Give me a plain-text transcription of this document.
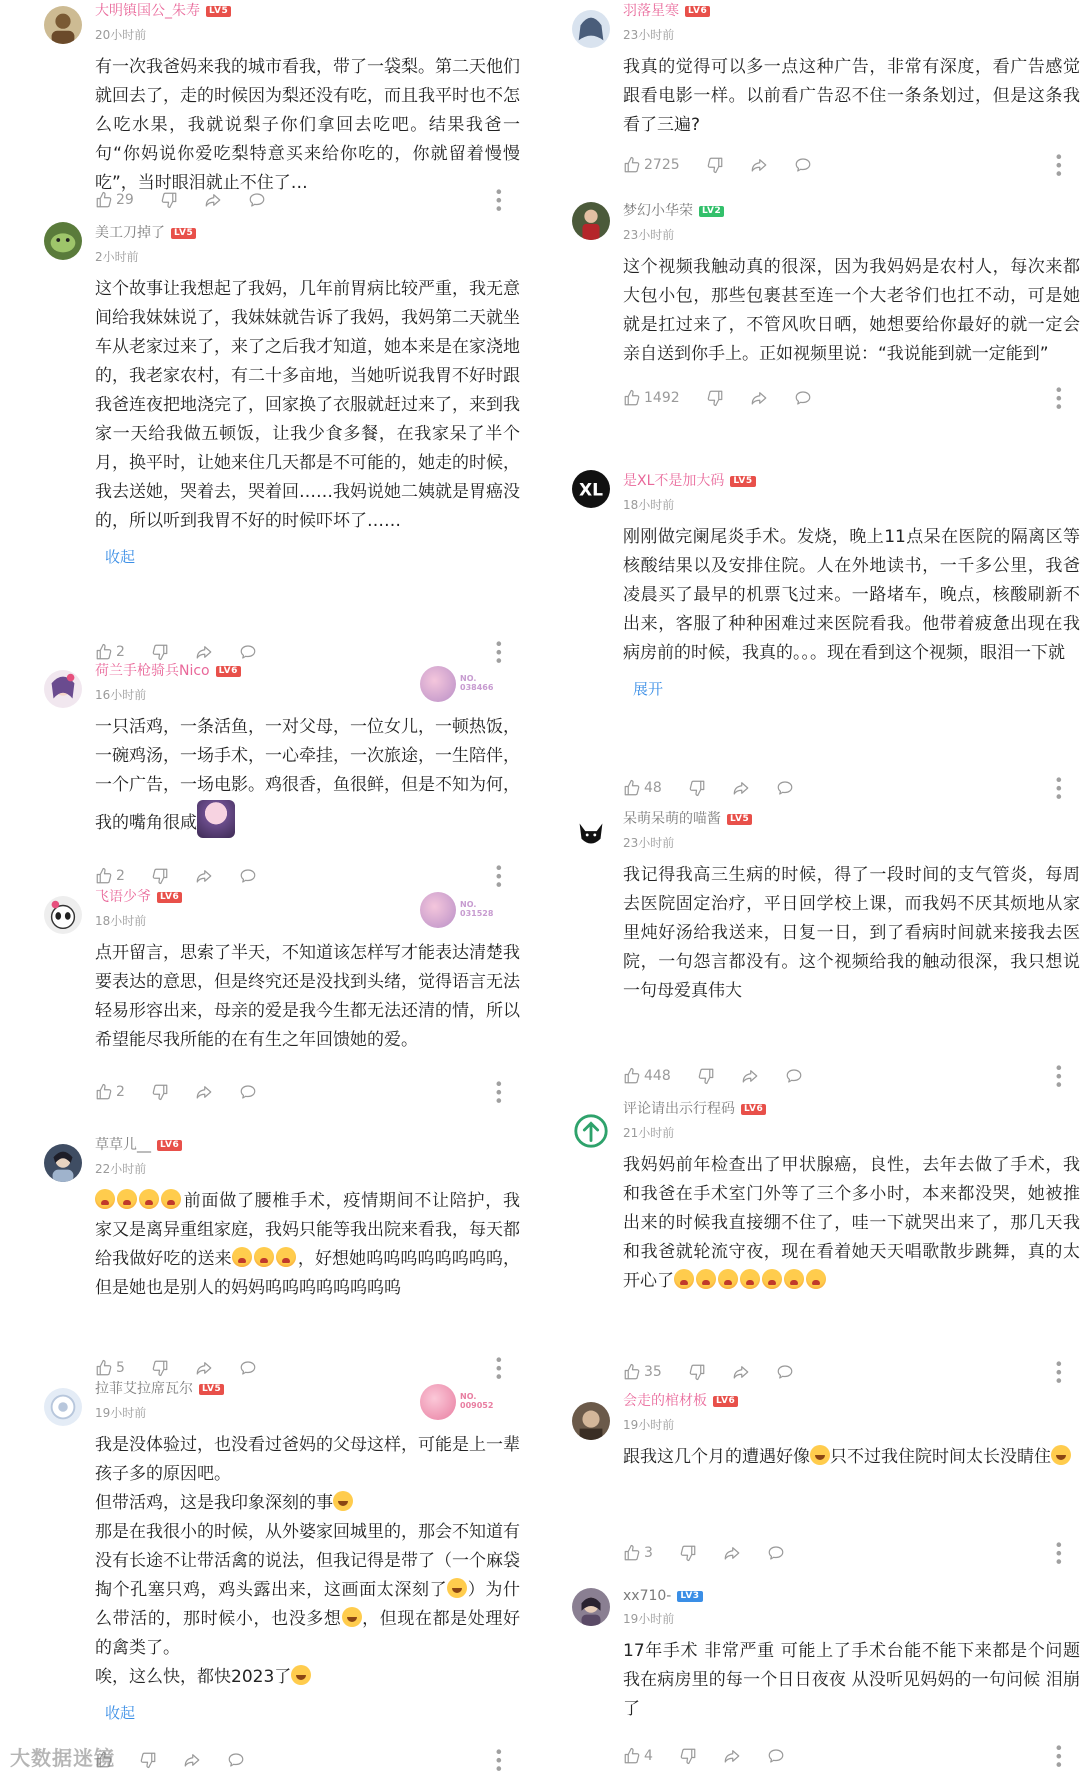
大明镇国公_朱寿 LV5
20小时前
有一次我爸妈来我的城市看我，带了一袋梨。第二天他们就回去了，走的时候因为梨还没有吃，而且我平时也不怎么吃水果，我就说梨子你们拿回去吃吧。结果我爸一句“你妈说你爱吃梨特意买来给你吃的，你就留着慢慢吃”，当时眼泪就止不住了…
29	•••
美工刀掉了 LV5
2小时前
这个故事让我想起了我妈，几年前胃病比较严重，我无意间给我妹妹说了，我妹妹就告诉了我妈，我妈第二天就坐车从老家过来了，来了之后我才知道，她本来是在家浇地的，我老家农村，有二十多亩地，当她听说我胃不好时跟我爸连夜把地浇完了，回家换了衣服就赶过来了，来到我家一天给我做五顿饭，让我少食多餐，在我家呆了半个月，换平时，让她来住几天都是不可能的，她走的时候，我去送她，哭着去，哭着回……我妈说她二姨就是胃癌没的，所以听到我胃不好的时候吓坏了……
收起
2	•••
NO. 038466
荷兰手枪骑兵Nico LV6
16小时前
一只活鸡，一条活鱼，一对父母，一位女儿，一顿热饭，一碗鸡汤，一场手术，一心牵挂，一次旅途，一生陪伴，一个广告，一场电影。鸡很香，鱼很鲜，但是不知为何，我的嘴角很咸
2	•••
NO. 031528
飞语少爷 LV6
18小时前
点开留言，思索了半天，不知道该怎样写才能表达清楚我要表达的意思，但是终究还是没找到头绪，觉得语言无法轻易形容出来，母亲的爱是我今生都无法还清的情，所以希望能尽我所能的在有生之年回馈她的爱。
2	•••
草草儿__ LV6
22小时前
前面做了腰椎手术，疫情期间不让陪护，我家又是离异重组家庭，我妈只能等我出院来看我，每天都给我做好吃的送来	，好想她呜呜呜呜呜呜呜呜，但是她也是别人的妈妈呜呜呜呜呜呜呜呜
5	•••
NO. 009052
拉菲艾拉席瓦尔 LV5
19小时前
我是没体验过，也没看过爸妈的父母这样，可能是上一辈孩子多的原因吧。
但带活鸡，这是我印象深刻的事
那是在我很小的时候，从外婆家回城里的，那会不知道有没有长途不让带活禽的说法，但我记得是带了（一个麻袋掏个孔塞只鸡，鸡头露出来，这画面太深刻了 ）为什么带活的，那时候小，也没多想 ，但现在都是处理好的禽类了。
唉，这么快，都快2023了
收起
•••
羽落星寒 LV6
23小时前
我真的觉得可以多一点这种广告，非常有深度，看广告感觉跟看电影一样。以前看广告忍不住一条条划过，但是这条我看了三遍?
2725	•••
梦幻小华荣 LV2
23小时前
这个视频我触动真的很深，因为我妈妈是农村人，每次来都大包小包，那些包裹甚至连一个大老爷们也扛不动，可是她就是扛过来了，不管风吹日晒，她想要给你最好的就一定会亲自送到你手上。正如视频里说：“我说能到就一定能到”
1492	•••
XL 是XL不是加大码 LV5
18小时前
刚刚做完阑尾炎手术。发烧，晚上11点呆在医院的隔离区等核酸结果以及安排住院。人在外地读书，一千多公里，我爸凌晨买了最早的机票飞过来。一路堵车，晚点，核酸刷新不出来，客服了种种困难过来医院看我。他带着疲惫出现在我病房前的时候，我真的。。。现在看到这个视频，眼泪一下就
展开
48	•••
呆萌呆萌的喵酱 LV5
23小时前
我记得我高三生病的时候，得了一段时间的支气管炎，每周去医院固定治疗，平日回学校上课，而我妈不厌其烦地从家里炖好汤给我送来，日复一日，到了看病时间就来接我去医院，一句怨言都没有。这个视频给我的触动很深，我只想说一句母爱真伟大
448	•••
评论请出示行程码 LV6
21小时前
我妈妈前年检查出了甲状腺癌，良性，去年去做了手术，我和我爸在手术室门外等了三个多小时，本来都没哭，她被推出来的时候我直接绷不住了，哇一下就哭出来了，那几天我和我爸就轮流守夜，现在看着她天天唱歌散步跳舞，真的太开心了
35	•••
会走的棺材板 LV6
19小时前
跟我这几个月的遭遇好像 只不过我住院时间太长没睛住
3	•••
xx710- LV3
19小时前
17年手术 非常严重 可能上了手术台能不能下来都是个问题 我在病房里的每一个日日夜夜 从没听见妈妈的一句问候 泪崩了
4	•••
大数据迷镜
